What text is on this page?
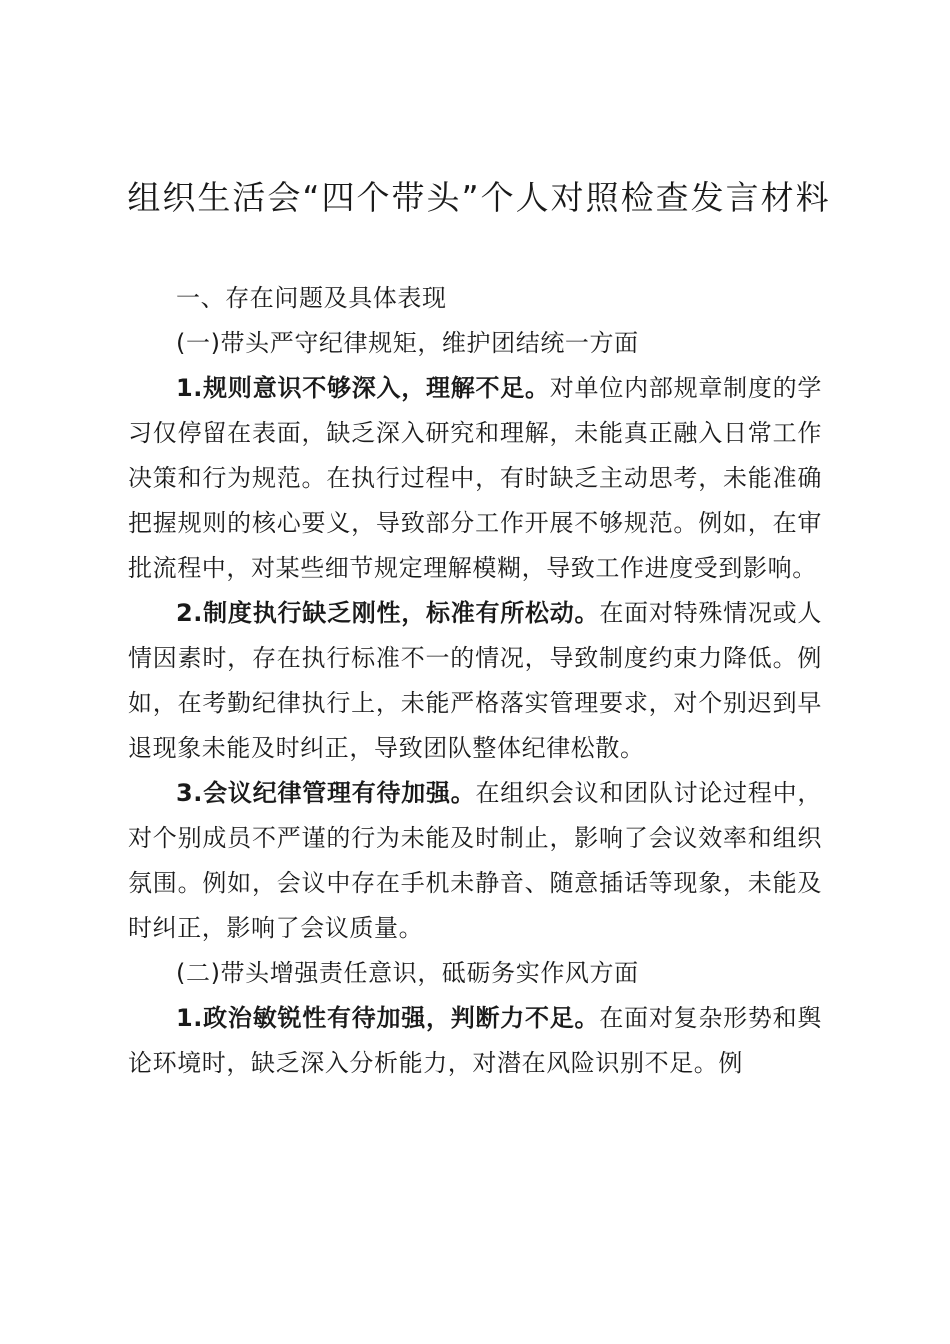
组织生活会“四个带头”个人对照检查发言材料

一、存在问题及具体表现

(一)带头严守纪律规矩，维护团结统一方面

1.规则意识不够深入，理解不足。对单位内部规章制度的学习仅停留在表面，缺乏深入研究和理解，未能真正融入日常工作决策和行为规范。在执行过程中，有时缺乏主动思考，未能准确把握规则的核心要义，导致部分工作开展不够规范。例如，在审批流程中，对某些细节规定理解模糊，导致工作进度受到影响。

2.制度执行缺乏刚性，标准有所松动。在面对特殊情况或人情因素时，存在执行标准不一的情况，导致制度约束力降低。例如，在考勤纪律执行上，未能严格落实管理要求，对个别迟到早退现象未能及时纠正，导致团队整体纪律松散。

3.会议纪律管理有待加强。在组织会议和团队讨论过程中，对个别成员不严谨的行为未能及时制止，影响了会议效率和组织氛围。例如，会议中存在手机未静音、随意插话等现象，未能及时纠正，影响了会议质量。

(二)带头增强责任意识，砥砺务实作风方面

1.政治敏锐性有待加强，判断力不足。在面对复杂形势和舆论环境时，缺乏深入分析能力，对潜在风险识别不足。例
